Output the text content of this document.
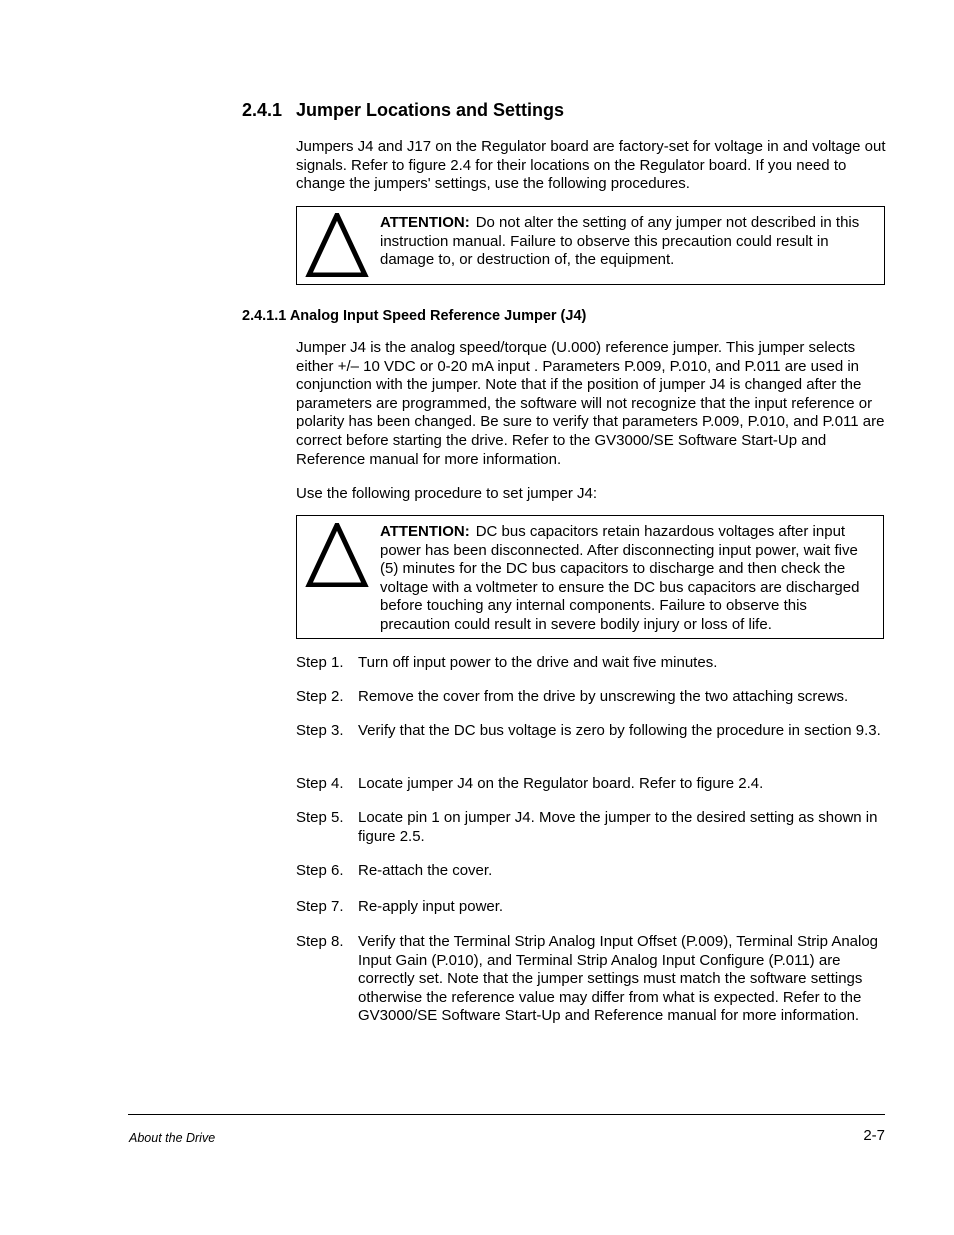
2.4.1 Jumper Locations and Settings

Jumpers J4 and J17 on the Regulator board are factory-set for voltage in and voltage out signals. Refer to figure 2.4 for their locations on the Regulator board. If you need to change the jumpers' settings, use the following procedures.

ATTENTION: Do not alter the setting of any jumper not described in this instruction manual. Failure to observe this precaution could result in damage to, or destruction of, the equipment.

2.4.1.1 Analog Input Speed Reference Jumper (J4)

Jumper J4 is the analog speed/torque (U.000) reference jumper. This jumper selects either +/– 10 VDC or 0-20 mA input . Parameters P.009, P.010, and P.011 are used in conjunction with the jumper. Note that if the position of jumper J4 is changed after the parameters are programmed, the software will not recognize that the input reference or polarity has been changed. Be sure to verify that parameters P.009, P.010, and P.011 are correct before starting the drive. Refer to the GV3000/SE Software Start-Up and Reference manual for more information.

Use the following procedure to set jumper J4:

ATTENTION: DC bus capacitors retain hazardous voltages after input power has been disconnected. After disconnecting input power, wait five (5) minutes for the DC bus capacitors to discharge and then check the voltage with a voltmeter to ensure the DC bus capacitors are discharged before touching any internal components. Failure to observe this precaution could result in severe bodily injury or loss of life.

Step 1. Turn off input power to the drive and wait five minutes.
Step 2. Remove the cover from the drive by unscrewing the two attaching screws.
Step 3. Verify that the DC bus voltage is zero by following the procedure in section 9.3.
Step 4. Locate jumper J4 on the Regulator board. Refer to figure 2.4.
Step 5. Locate pin 1 on jumper J4. Move the jumper to the desired setting as shown in figure 2.5.
Step 6. Re-attach the cover.
Step 7. Re-apply input power.
Step 8. Verify that the Terminal Strip Analog Input Offset (P.009), Terminal Strip Analog Input Gain (P.010), and Terminal Strip Analog Input Configure (P.011) are correctly set. Note that the jumper settings must match the software settings otherwise the reference value may differ from what is expected. Refer to the GV3000/SE Software Start-Up and Reference manual for more information.
About the Drive	2-7
